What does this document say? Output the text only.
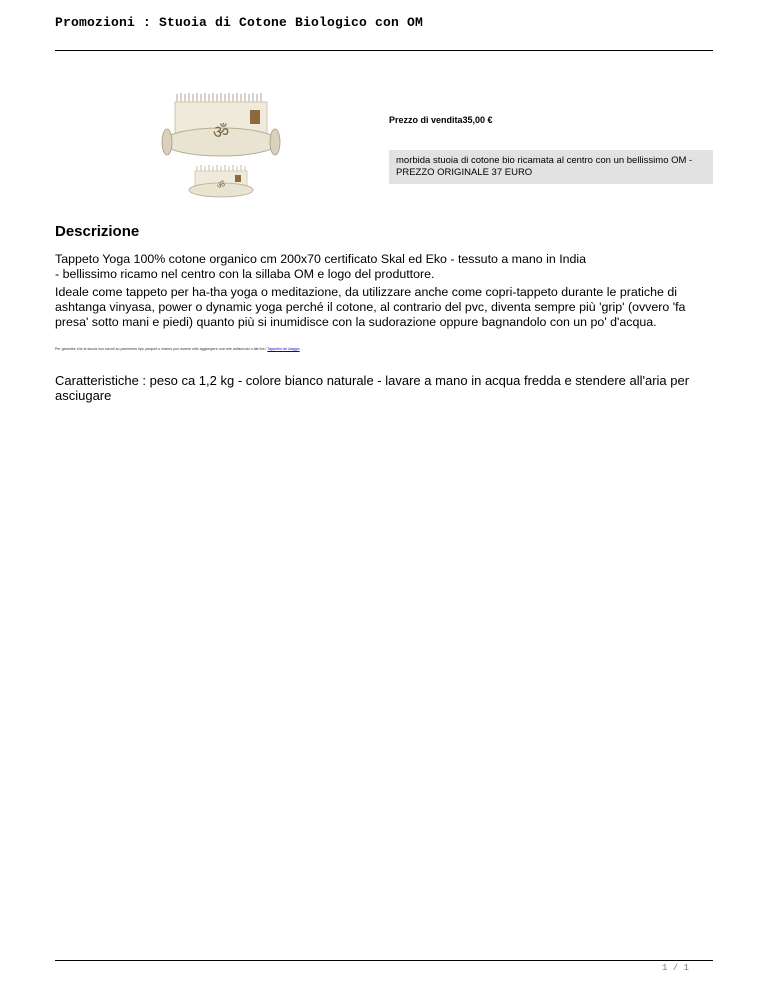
Promozioni : Stuoia di Cotone Biologico con OM
ॐ
ॐ
Prezzo di vendita35,00 €
morbida stuoia di cotone bio ricamata al centro con un bellissimo OM - PREZZO ORIGINALE 37 EURO
Descrizione
Tappeto Yoga 100% cotone organico cm 200x70 certificato Skal ed Eko - tessuto a mano in India
- bellissimo ricamo nel centro con la sillaba OM e logo del produttore.
Ideale come tappeto per ha-tha yoga o meditazione, da utilizzare anche come copri-tappeto durante le pratiche di ashtanga vinyasa, power o dynamic yoga perché il cotone, al contrario del pvc, diventa sempre più 'grip' (ovvero 'fa presa' sotto mani e piedi) quanto più si inumidisce con la sudorazione oppure bagnandolo con un po' d'acqua.
Per garantire che la stuoia non scivoli su pavimento tipo parquet o marmo può essere utile aggiungere una rete antiscivolo o altri tra i Tappetini da Viaggio
Caratteristiche : peso ca 1,2 kg - colore bianco naturale - lavare a mano in acqua fredda e stendere all'aria per asciugare
1 / 1
